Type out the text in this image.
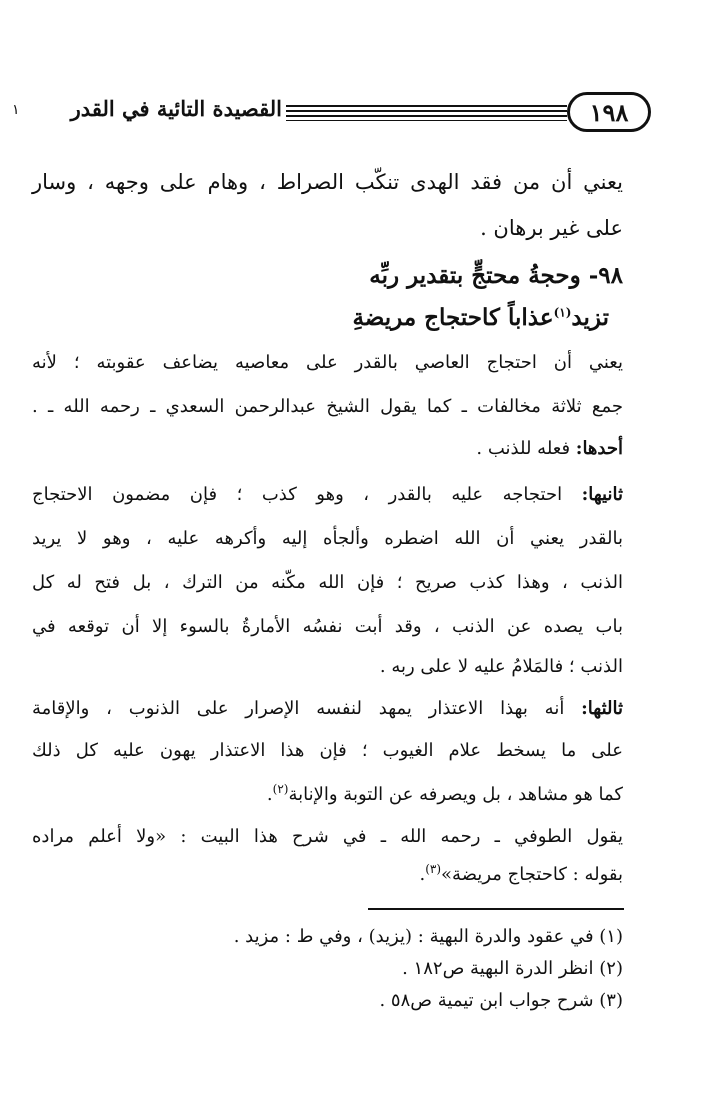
١٩٨
القصيدة التائية في القدر
١
يعني أن من فقد الهدى تنكّب الصراط ، وهام على وجهه ، وسار
على غير برهان .
٩٨- وحجةُ محتجٍّ بتقدير ربِّه
تزيد$^{(١)}$عذاباً كاحتجاج مريضةِ
يعني أن احتجاج العاصي بالقدر على معاصيه يضاعف عقوبته ؛ لأنه
جمع ثلاثة مخالفات ـ كما يقول الشيخ عبدالرحمن السعدي ـ رحمه الله ـ .
أحدها: فعله للذنب .
ثانيها: احتجاجه عليه بالقدر ، وهو كذب ؛ فإن مضمون الاحتجاج
بالقدر يعني أن الله اضطره وألجأه إليه وأكرهه عليه ، وهو لا يريد
الذنب ، وهذا كذب صريح ؛ فإن الله مكّنه من الترك ، بل فتح له كل
باب يصده عن الذنب ، وقد أبت نفسُه الأمارةُ بالسوء إلا أن توقعه في
الذنب ؛ فالمَلامُ عليه لا على ربه .
ثالثها: أنه بهذا الاعتذار يمهد لنفسه الإصرار على الذنوب ، والإقامة
على ما يسخط علام الغيوب ؛ فإن هذا الاعتذار يهون عليه كل ذلك
كما هو مشاهد ، بل ويصرفه عن التوبة والإنابة$^{(٢)}$.
يقول الطوفي ـ رحمه الله ـ في شرح هذا البيت : «ولا أعلم مراده
بقوله : كاحتجاج مريضة»$^{(٣)}$.
(١) في عقود والدرة البهية : (يزيد) ، وفي ط : مزيد .
(٢) انظر الدرة البهية ص١٨٢ .
(٣) شرح جواب ابن تيمية ص٥٨ .
